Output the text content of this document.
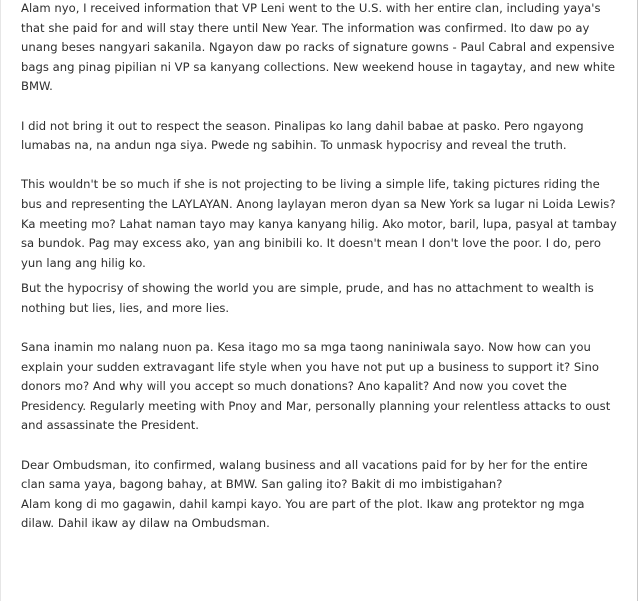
Alam nyo, I received information that VP Leni went to the U.S. with her entire clan, including yaya's
that she paid for and will stay there until New Year. The information was confirmed. Ito daw po ay
unang beses nangyari sakanila. Ngayon daw po racks of signature gowns - Paul Cabral and expensive
bags ang pinag pipilian ni VP sa kanyang collections. New weekend house in tagaytay, and new white
BMW.

I did not bring it out to respect the season. Pinalipas ko lang dahil babae at pasko. Pero ngayong
lumabas na, na andun nga siya. Pwede ng sabihin. To unmask hypocrisy and reveal the truth.

This wouldn't be so much if she is not projecting to be living a simple life, taking pictures riding the
bus and representing the LAYLAYAN. Anong laylayan meron dyan sa New York sa lugar ni Loida Lewis?
Ka meeting mo? Lahat naman tayo may kanya kanyang hilig. Ako motor, baril, lupa, pasyal at tambay
sa bundok. Pag may excess ako, yan ang binibili ko. It doesn't mean I don't love the poor. I do, pero
yun lang ang hilig ko.

But the hypocrisy of showing the world you are simple, prude, and has no attachment to wealth is
nothing but lies, lies, and more lies.

Sana inamin mo nalang nuon pa. Kesa itago mo sa mga taong naniniwala sayo. Now how can you
explain your sudden extravagant life style when you have not put up a business to support it? Sino
donors mo? And why will you accept so much donations? Ano kapalit? And now you covet the
Presidency. Regularly meeting with Pnoy and Mar, personally planning your relentless attacks to oust
and assassinate the President.

Dear Ombudsman, ito confirmed, walang business and all vacations paid for by her for the entire
clan sama yaya, bagong bahay, at BMW. San galing ito? Bakit di mo imbistigahan?

Alam kong di mo gagawin, dahil kampi kayo. You are part of the plot. Ikaw ang protektor ng mga
dilaw. Dahil ikaw ay dilaw na Ombudsman.
